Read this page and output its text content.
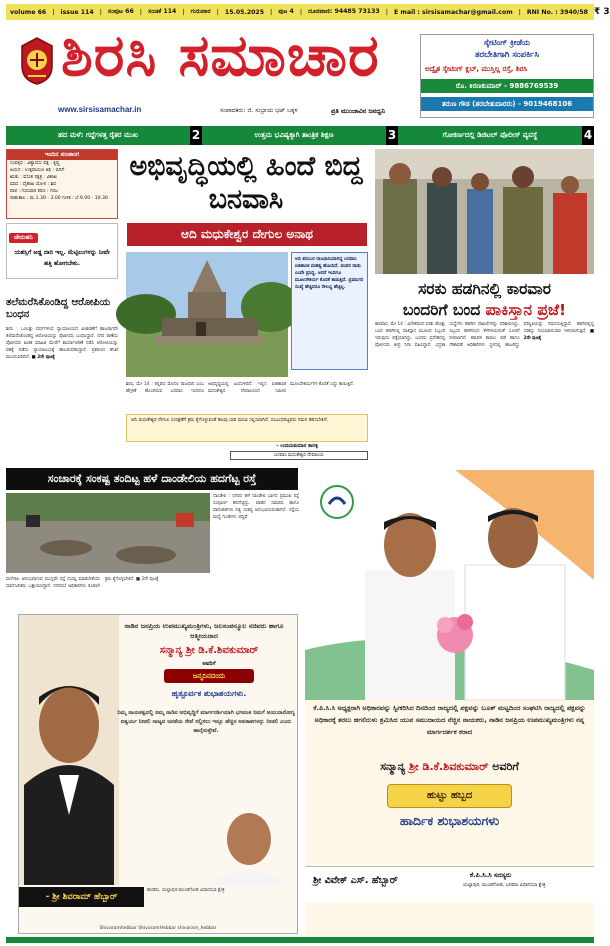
volume 66 | issue 114 | ಸಂಪುಟ 66 | ಸಂಚಿಕೆ 114 | ಗುರುವಾರ | 15.05.2025 | ಪುಟ 4 | ದೂರವಾಣಿ: 94485 73133 | E mail : sirsisamachar@gmail.com | RNI No. : 3940/58 ₹ 3
ಶಿರಸಿ ಸಮಾಚಾರ
www.sirsisamachar.in	ಸಂಪಾದಕರು: ಜಿ. ಸುಬ್ರಾಯ ಭಟ್ ಬಕ್ಕಳ	ಪ್ರತಿ ಮುಂಜಾವಿನ ಜನಧ್ವನಿ
ಸ್ಕೇಟಿಂಗ್ ಕ್ರೀಡೆಯ
ತರಬೇತಿಗಾಗಿ ಸಂಪರ್ಕಿಸಿ
ಅದ್ವೈತ ಸ್ಕೇಟಿಂಗ್ ಕ್ಲಬ್, ಮುಸ್ತಿಲ್ಲ ರಸ್ತೆ, ಶಿರಸಿ
ರೊ. ಕಿರಣಕುಮಾರ್ - 9886769539
ತರುಣ ಗೌಡ (ತರಬೇತುದಾರರು) - 9019468106
ಹದ ಮಳೆ: ಗದ್ದೆಗಳತ್ತ ರೈತರ ಮುಖ	2	ಉತ್ತಮ ಭವಿಷ್ಯಕ್ಕಾಗಿ ತಾಂತ್ರಿಕ ಶಿಕ್ಷಣ	3	ಗೋಕರ್ಣದಲ್ಲಿ ಡಿಜಿಟಲ್ ಪೊಲೀಸ್ ವ್ಯವಸ್ಥೆ	4
ಇಂದಿನ ಪಂಚಾಂಗ
ಸಂವತ್ಸರ : ವಿಶ್ವಾವಸು ಪಕ್ಷ : ಕೃಷ್ಣ
ಅಯನ : ಉತ್ತರಾಯಣ ತಿಥಿ : ಬಿದಿಗೆ
ಋತು : ವಸಂತ ನಕ್ಷತ್ರ : ವಿಶಾಖ
ಮಾಸ : ವೈಶಾಖ ಯೋಗ : ಶಿವ
ವಾರ : ಗುರುವಾರ ಕರಣ : ಗರಜ
ರಾಹುಕಾಲ : ಮ.1.30 - 3.00 ಗುಳಿಕ : ಬೆ.9.00 - 10.30
ಜೇನುಹನಿ
ಯಶಸ್ಸಿಗೆ ಅಡ್ಡ ದಾರಿ ಇಲ್ಲ. ಮೆಟ್ಟಿಲುಗಳನ್ನು ನೀವೇ ಹತ್ತಿ ಹೋಗಬೇಕು.
ತಲೆಮರೆಸಿಕೊಂಡಿದ್ದ ಆರೋಪಿಯ ಬಂಧನ
ಶಿರಸಿ : ಒಂಬತ್ತು ವರ್ಷಗಳಿಂದ ನ್ಯಾಯಾಲಯದ ವಿಚಾರಣೆಗೆ ಹಾಜರಾಗದೇ ತಲೆಮರೆಸಿಕೊಂಡಿದ್ದ ಆರೋಪಿಯನ್ನು ಪೊಲೀಸರು ಬಂಧಿಸಿದ್ದಾರೆ. ನಗರ ಠಾಣೆಯ ಪೊಲೀಸರು ಖಚಿತ ಮಾಹಿತಿ ಮೇರೆಗೆ ಕಾರ್ಯಾಚರಣೆ ನಡೆಸಿ ಆರೋಪಿಯನ್ನು ವಶಕ್ಕೆ ಪಡೆದು ನ್ಯಾಯಾಲಯಕ್ಕೆ ಹಾಜರುಪಡಿಸಿದ್ದಾರೆ. ಪ್ರಕರಣದ ತನಿಖೆ ಮುಂದುವರಿದಿದೆ. ■ 2ನೇ ಪುಟಕ್ಕೆ
ಅಭಿವೃದ್ಧಿಯಲ್ಲಿ ಹಿಂದೆ ಬಿದ್ದ ಬನವಾಸಿ
ಆದಿ ಮಧುಕೇಶ್ವರ ದೇಗುಲ ಅನಾಥ
ಆದಿ ಕದಂಬರ ರಾಜಧಾನಿಯಾಗಿದ್ದ ಬನವಾಸಿ ಐತಿಹಾಸಿಕ ಮಹತ್ವ ಹೊಂದಿದೆ. ಪಂಪನ ನಾಡು ಎಂದೇ ಪ್ರಸಿದ್ಧ. ಆದರೆ ಇಂದಿಗೂ ಮೂಲಸೌಕರ್ಯ ಕೊರತೆ ಕಾಡುತ್ತಿದೆ. ಪ್ರವಾಸಿಗರ ಸಂಖ್ಯೆ ಹೆಚ್ಚಿದರೂ ಸೌಲಭ್ಯ ಹೆಚ್ಚಿಲ್ಲ.
ಶಿರಸಿ, ಮೇ 14 : ಕನ್ನಡದ ಮೊದಲ ರಾಜಧಾನಿ ಎಂಬ ಹೆಗ್ಗಳಿಕೆ ಹೊಂದಿರುವ ಬನವಾಸಿ ಇಂದಿಗೂ ಅಭಿವೃದ್ಧಿಯಲ್ಲಿ ಹಿಂದುಳಿದಿದೆ. ಇಲ್ಲಿನ ಐತಿಹಾಸಿಕ ಮಧುಕೇಶ್ವರ ದೇವಾಲಯದ ಸಮೀಪ ಮೂಲಸೌಕರ್ಯಗಳ ಕೊರತೆ ಎದ್ದು ಕಾಣುತ್ತಿದೆ.
ಆದಿ ಮಧುಕೇಶ್ವರ ದೇಗುಲ ಸಂರಕ್ಷಣೆಗೆ ಕ್ರಮ ಕೈಗೊಳ್ಳುವಂತೆ ಹಲವು ಬಾರಿ ಮನವಿ ಸಲ್ಲಿಸಲಾಗಿದೆ. ಸಂಬಂಧಪಟ್ಟವರು ಗಮನ ಹರಿಸಬೇಕಿದೆ.
- ಉದಯಕುಮಾರ ಕಾನಳ್ಳಿ
ಬನವಾಸಿ ಮಧುಕೇಶ್ವರ ದೇವಾಲಯ
ಸರಕು ಹಡಗಿನಲ್ಲಿ ಕಾರವಾರ
ಬಂದರಿಗೆ ಬಂದ ಪಾಕಿಸ್ತಾನ ಪ್ರಜೆ!
ಕಾರವಾರ, ಮೇ 14 : ವಿದೇಶದಿಂದ ಸರಕು ಹೊತ್ತು ಬಂದ ಹಡಗಿನಲ್ಲಿ ಪಾಕಿಸ್ತಾನ ಮೂಲದ ಸಿಬ್ಬಂದಿ ಇರುವುದು ಪತ್ತೆಯಾಗಿದ್ದು, ಬಂದರು ಪ್ರದೇಶದಲ್ಲಿ ಪೊಲೀಸರು ತೀವ್ರ ನಿಗಾ ವಹಿಸಿದ್ದಾರೆ. ಭದ್ರತಾ ಸಂಸ್ಥೆಗಳು ಹಡಗಿನ ದಾಖಲೆಗಳನ್ನು ಪರಿಶೀಲಿಸಿದ್ದು, ಸಿಬ್ಬಂದಿ ಹಡಗಿನಿಂದ ಕೆಳಗಿಳಿಯದಂತೆ ಸೂಚನೆ ನೀಡಲಾಗಿದೆ. ಕರಾವಳಿ ಕಾವಲು ಪಡೆ ಹಾಗೂ ನೌಕಾಪಡೆ ಅಧಿಕಾರಿಗಳು ಸ್ಥಳದಲ್ಲಿ ಹಾಜರಿದ್ದು ಪರಿಸ್ಥಿತಿಯನ್ನು ಗಮನಿಸುತ್ತಿದ್ದಾರೆ. ಹಡಗಿನಲ್ಲಿದ್ದ ಸರಕನ್ನು ನಿಯಮಾನುಸಾರ ಇಳಿಸಲಾಗುತ್ತಿದೆ. ■ 2ನೇ ಪುಟಕ್ಕೆ
ಸಂಚಾರಕ್ಕೆ ಸಂಕಷ್ಟ ತಂದಿಟ್ಟ ಹಳೆ ದಾಂಡೇಲಿಯ ಹದಗೆಟ್ಟ ರಸ್ತೆ
ದಾಂಡೇಲಿ : ನಗರದ ಹಳೆ ದಾಂಡೇಲಿ ಭಾಗದ ಪ್ರಮುಖ ರಸ್ತೆ ಸಂಪೂರ್ಣ ಹದಗೆಟ್ಟಿದ್ದು, ವಾಹನ ಸವಾರರು ಹಾಗೂ ಪಾದಚಾರಿಗಳು ನಿತ್ಯ ಸಂಕಷ್ಟ ಅನುಭವಿಸುವಂತಾಗಿದೆ. ರಸ್ತೆಯ ಮಧ್ಯೆ ಗುಂಡಿಗಳು ಬಿದ್ದಿವೆ.
ಮಳೆಗಾಲ ಆರಂಭವಾಗುವ ಮುನ್ನವೇ ರಸ್ತೆ ದುರಸ್ತಿ ಮಾಡಬೇಕೆಂದು ಸಾರ್ವಜನಿಕರು ಒತ್ತಾಯಿಸಿದ್ದಾರೆ. ನಗರಸಭೆ ಅಧಿಕಾರಿಗಳು ಕೂಡಲೇ ಕ್ರಮ ಕೈಗೊಳ್ಳಬೇಕಿದೆ. ■ 2ನೇ ಪುಟಕ್ಕೆ
ನಾಡಿನ ಜನಪ್ರಿಯ ಉಪಮುಖ್ಯಮಂತ್ರಿಗಳು, ಜಲಸಂಪನ್ಮೂಲ ಸಚಿವರು ಹಾಗೂ ಆತ್ಮೀಯರಾದ
ಸನ್ಮಾನ್ಯ ಶ್ರೀ ಡಿ.ಕೆ.ಶಿವಕುಮಾರ್
ಅವರಿಗೆ
ಜನ್ಮದಿನದಂದು
ಹೃತ್ಪೂರ್ವಕ ಶುಭಾಶಯಗಳು.
ನಿಮ್ಮ ನಾಯಕತ್ವದಲ್ಲಿ ನಮ್ಮ ನಾಡಿನ ಅಭಿವೃದ್ಧಿಗೆ ಮಾರ್ಗದರ್ಶಿಯಾಗಿ ಭಗವಂತ ನಿಮಗೆ ಆಯುರಾರೋಗ್ಯ ಐಶ್ವರ್ಯ ನೀಡಲಿ ರಾಜ್ಯದ ಜನತೆಯ ಸೇವೆ ಸಲ್ಲಿಸಲು ಇನ್ನೂ ಹೆಚ್ಚಿನ ಅವಕಾಶಗಳನ್ನು ನೀಡಲಿ ಎಂದು ಹಾರೈಸುತ್ತೇವೆ.
- ಶ್ರೀ ಶಿವರಾಮ್ ಹೆಬ್ಬಾರ್
ಶಾಸಕರು, ಯಲ್ಲಾಪುರ-ಮುಂಡಗೋಡ ವಿಧಾನಸಭಾ ಕ್ಷೇತ್ರ
Shivaramhebbar ShivaramHebbar shivaram_hebbar
ಕೆ.ಪಿ.ಸಿ.ಸಿ ಅಧ್ಯಕ್ಷರಾಗಿ ಅಧಿಕಾರವನ್ನು ಸ್ವೀಕರಿಸಿದ ದಿನದಿಂದ ರಾಜ್ಯದಲ್ಲಿ ಪಕ್ಷವನ್ನು ಬೂತ್ ಮಟ್ಟದಿಂದ ಸಂಘಟಿಸಿ ರಾಜ್ಯದಲ್ಲಿ ಪಕ್ಷವನ್ನು ಅಧಿಕಾರಕ್ಕೆ ತರಲು ಹಗಲಿರುಳು ಶ್ರಮಿಸಿದ ಯುವ ಸಮುದಾಯದ ನೆಚ್ಚಿನ ನಾಯಕರು, ನಾಡಿನ ಜನಪ್ರಿಯ ಉಪಮುಖ್ಯಮಂತ್ರಿಗಳು ನನ್ನ ಮಾರ್ಗದರ್ಶಕ ಕರಾದ
ಸನ್ಮಾನ್ಯ ಶ್ರೀ ಡಿ.ಕೆ.ಶಿವಕುಮಾರ್ ಅವರಿಗೆ
ಹುಟ್ಟು ಹಬ್ಬದ
ಹಾರ್ದಿಕ ಶುಭಾಶಯಗಳು
ಶ್ರೀ ವಿವೇಕ್ ಎಸ್. ಹೆಬ್ಬಾರ್	ಕೆ.ಪಿ.ಸಿ.ಸಿ ಸದಸ್ಯರು
ಯಲ್ಲಾಪುರ, ಮುಂಡಗೋಡ, ಬನವಾಸಿ ವಿಧಾನಸಭಾ ಕ್ಷೇತ್ರ
